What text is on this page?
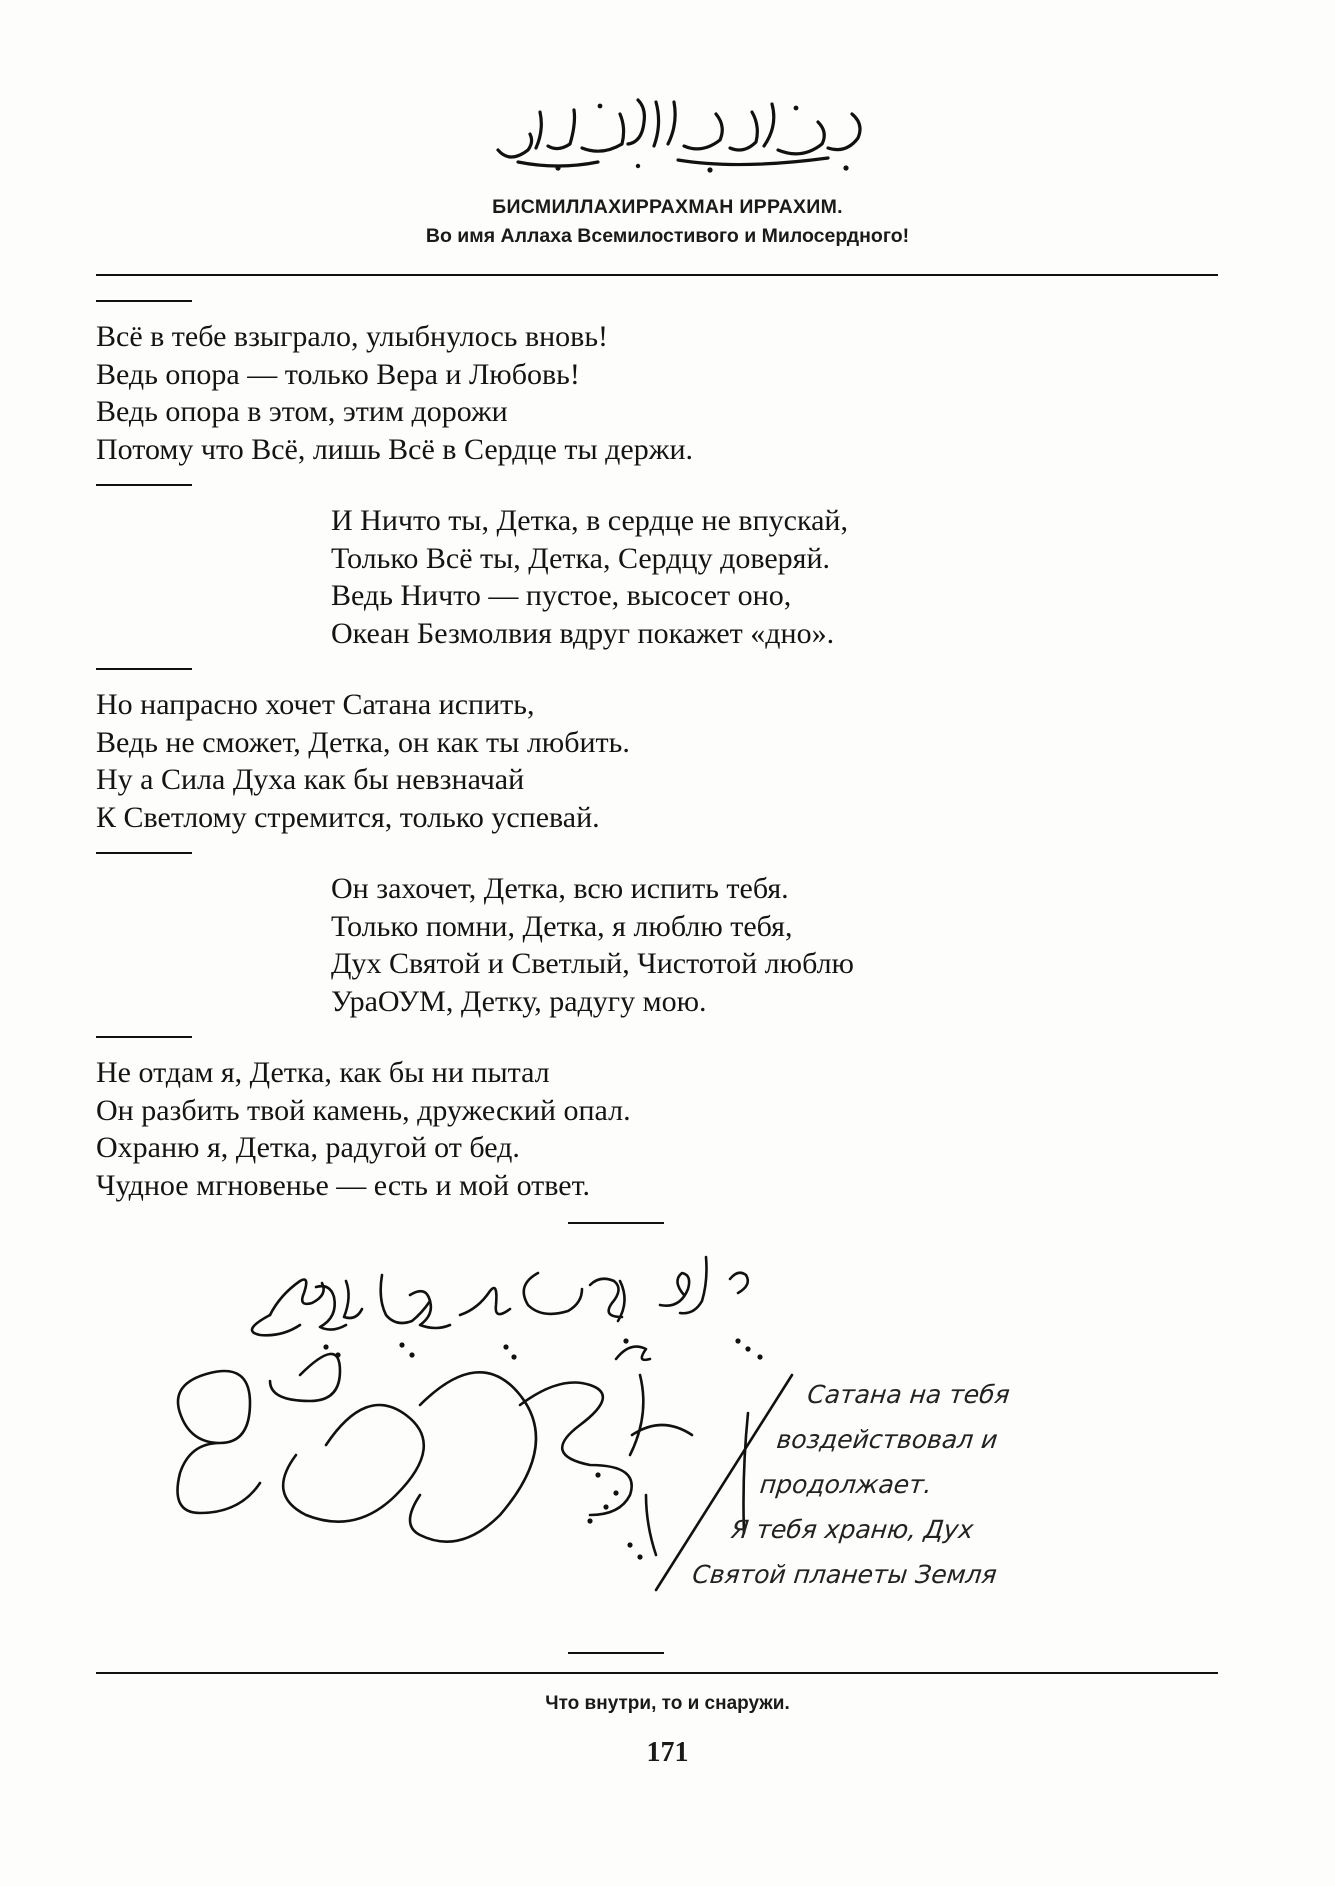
БИСМИЛЛАХИРРАХМАН ИРРАХИМ.
Во имя Аллаха Всемилостивого и Милосердного!
Всё в тебе взыграло, улыбнулось вновь!
Ведь опора — только Вера и Любовь!
Ведь опора в этом, этим дорожи
Потому что Всё, лишь Всё в Сердце ты держи.
И Ничто ты, Детка, в сердце не впускай,
Только Всё ты, Детка, Сердцу доверяй.
Ведь Ничто — пустое, высосет оно,
Океан Безмолвия вдруг покажет «дно».
Но напрасно хочет Сатана испить,
Ведь не сможет, Детка, он как ты любить.
Ну а Сила Духа как бы невзначай
К Светлому стремится, только успевай.
Он захочет, Детка, всю испить тебя.
Только помни, Детка, я люблю тебя,
Дух Святой и Светлый, Чистотой люблю
УраОУМ, Детку, радугу мою.
Не отдам я, Детка, как бы ни пытал
Он разбить твой камень, дружеский опал.
Охраню я, Детка, радугой от бед.
Чудное мгновенье — есть и мой ответ.
Сатана на тебя
воздействовал и
продолжает.
Я тебя храню, Дух
Святой планеты Земля
Что внутри, то и снаружи.
171
